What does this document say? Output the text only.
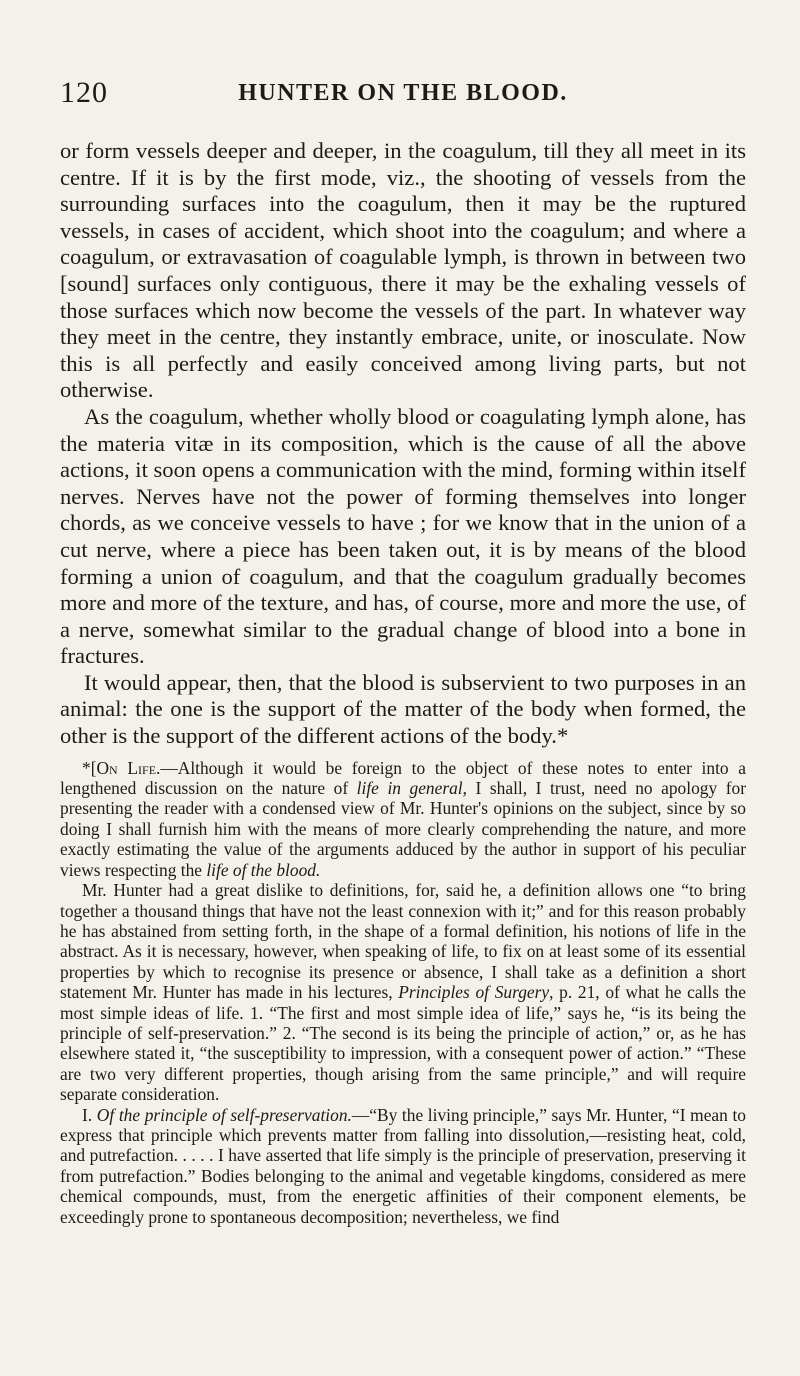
120	HUNTER ON THE BLOOD.

or form vessels deeper and deeper, in the coagulum, till they all meet in its centre. If it is by the first mode, viz., the shooting of vessels from the surrounding surfaces into the coagulum, then it may be the ruptured vessels, in cases of accident, which shoot into the coagulum; and where a coagulum, or extravasation of coagulable lymph, is thrown in between two [sound] surfaces only contiguous, there it may be the exhaling vessels of those surfaces which now become the vessels of the part. In whatever way they meet in the centre, they instantly embrace, unite, or inosculate. Now this is all perfectly and easily conceived among living parts, but not otherwise.

As the coagulum, whether wholly blood or coagulating lymph alone, has the materia vitæ in its composition, which is the cause of all the above actions, it soon opens a communication with the mind, forming within itself nerves. Nerves have not the power of forming themselves into longer chords, as we conceive vessels to have ; for we know that in the union of a cut nerve, where a piece has been taken out, it is by means of the blood forming a union of coagulum, and that the coagulum gradually becomes more and more of the texture, and has, of course, more and more the use, of a nerve, somewhat similar to the gradual change of blood into a bone in fractures.

It would appear, then, that the blood is subservient to two purposes in an animal: the one is the support of the matter of the body when formed, the other is the support of the different actions of the body.*

*[On Life.—Although it would be foreign to the object of these notes to enter into a lengthened discussion on the nature of life in general, I shall, I trust, need no apology for presenting the reader with a condensed view of Mr. Hunter's opinions on the subject, since by so doing I shall furnish him with the means of more clearly comprehending the nature, and more exactly estimating the value of the arguments adduced by the author in support of his peculiar views respecting the life of the blood.

Mr. Hunter had a great dislike to definitions, for, said he, a definition allows one “to bring together a thousand things that have not the least connexion with it;” and for this reason probably he has abstained from setting forth, in the shape of a formal definition, his notions of life in the abstract. As it is necessary, however, when speaking of life, to fix on at least some of its essential properties by which to recognise its presence or absence, I shall take as a definition a short statement Mr. Hunter has made in his lectures, Principles of Surgery, p. 21, of what he calls the most simple ideas of life. 1. “The first and most simple idea of life,” says he, “is its being the principle of self-preservation.” 2. “The second is its being the principle of action,” or, as he has elsewhere stated it, “the susceptibility to impression, with a consequent power of action.” “These are two very different properties, though arising from the same principle,” and will require separate consideration.

I. Of the principle of self-preservation.—“By the living principle,” says Mr. Hunter, “I mean to express that principle which prevents matter from falling into dissolution,—resisting heat, cold, and putrefaction. . . . . I have asserted that life simply is the principle of preservation, preserving it from putrefaction.” Bodies belonging to the animal and vegetable kingdoms, considered as mere chemical compounds, must, from the energetic affinities of their component elements, be exceedingly prone to spontaneous decomposition; nevertheless, we find
